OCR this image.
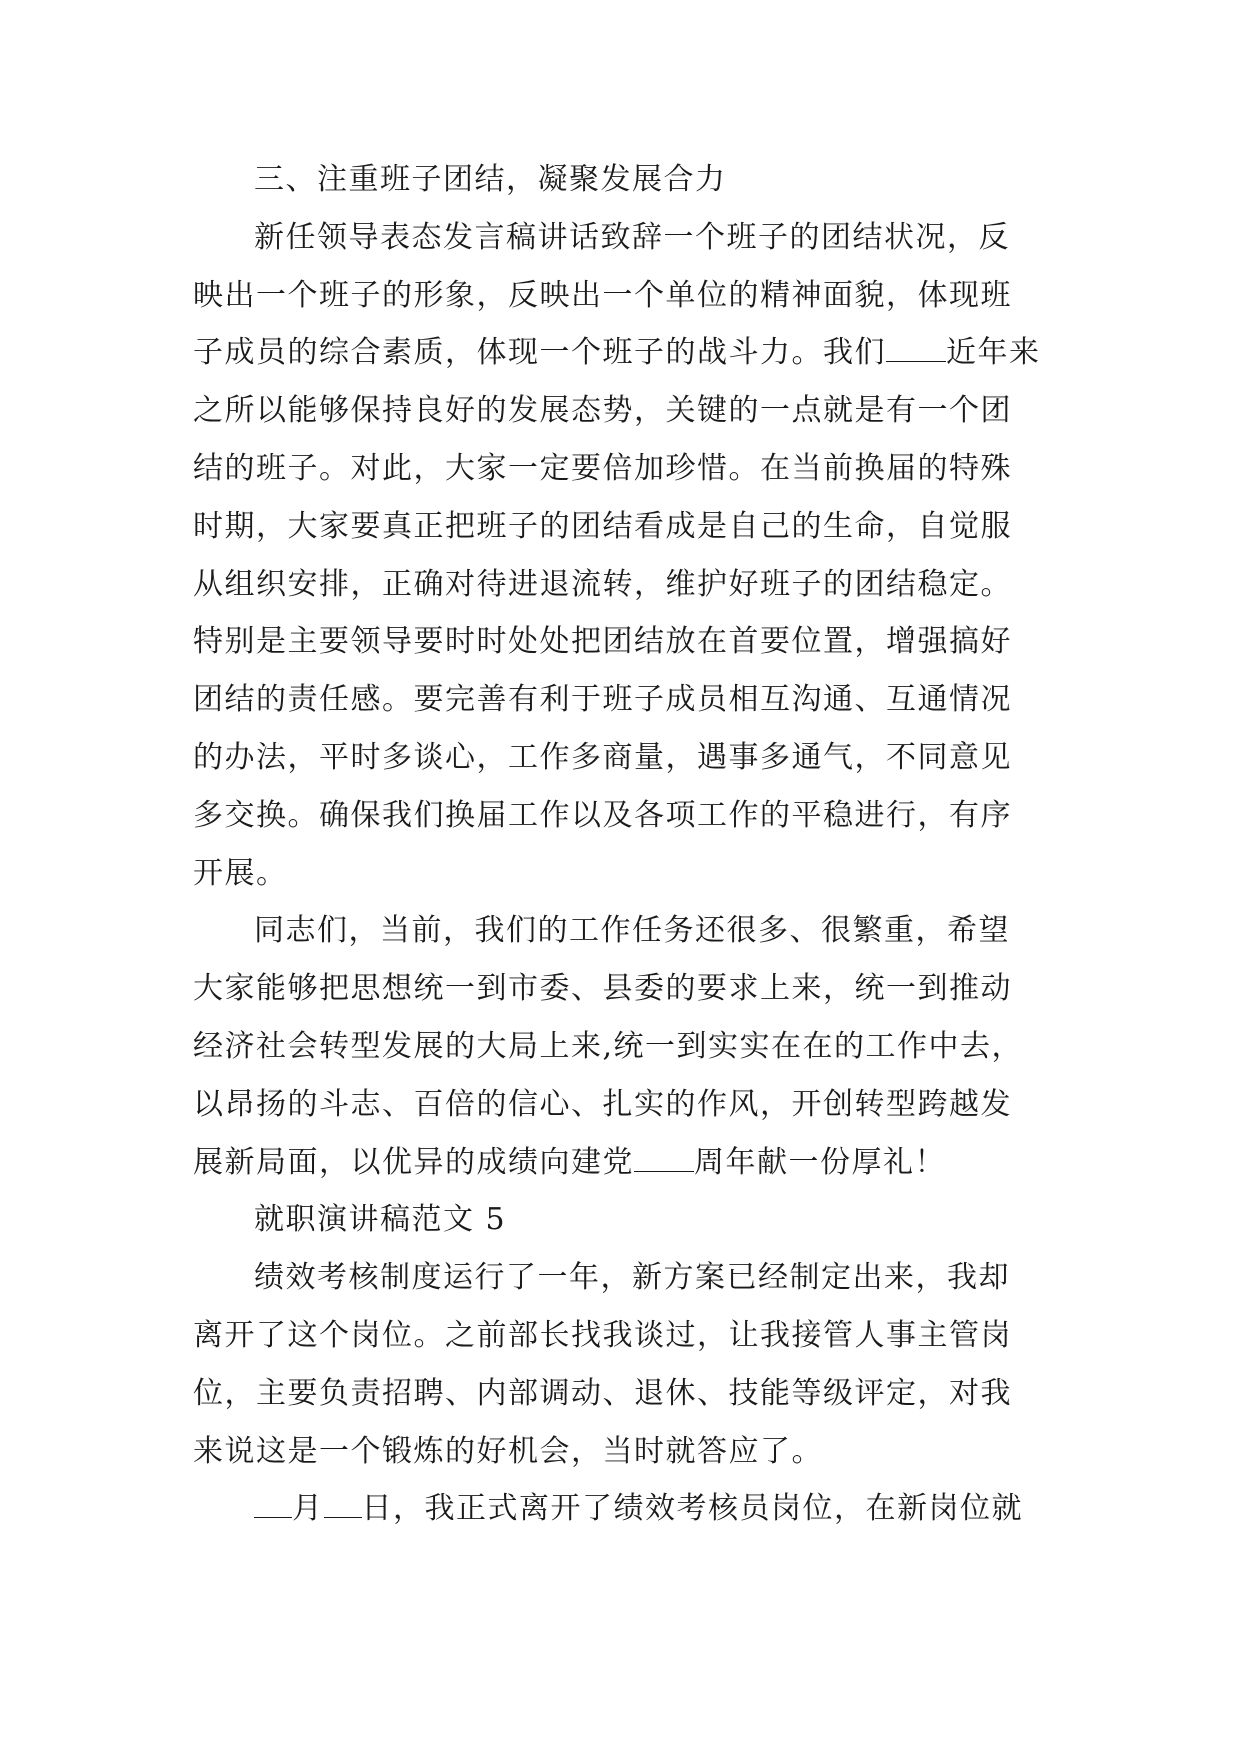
三、注重班子团结，凝聚发展合力
新任领导表态发言稿讲话致辞一个班子的团结状况，反
映出一个班子的形象，反映出一个单位的精神面貌，体现班
子成员的综合素质，体现一个班子的战斗力。我们 近年来
之所以能够保持良好的发展态势，关键的一点就是有一个团
结的班子。对此，大家一定要倍加珍惜。在当前换届的特殊
时期，大家要真正把班子的团结看成是自己的生命，自觉服
从组织安排，正确对待进退流转，维护好班子的团结稳定。
特别是主要领导要时时处处把团结放在首要位置，增强搞好
团结的责任感。要完善有利于班子成员相互沟通、互通情况
的办法，平时多谈心，工作多商量，遇事多通气，不同意见
多交换。确保我们换届工作以及各项工作的平稳进行，有序
开展。
同志们，当前，我们的工作任务还很多、很繁重，希望
大家能够把思想统一到市委、县委的要求上来，统一到推动
经济社会转型发展的大局上来,统一到实实在在的工作中去，
以昂扬的斗志、百倍的信心、扎实的作风，开创转型跨越发
展新局面，以优异的成绩向建党 周年献一份厚礼！
就职演讲稿范文 5
绩效考核制度运行了一年，新方案已经制定出来，我却
离开了这个岗位。之前部长找我谈过，让我接管人事主管岗
位，主要负责招聘、内部调动、退休、技能等级评定，对我
来说这是一个锻炼的好机会，当时就答应了。
月 日，我正式离开了绩效考核员岗位，在新岗位就
